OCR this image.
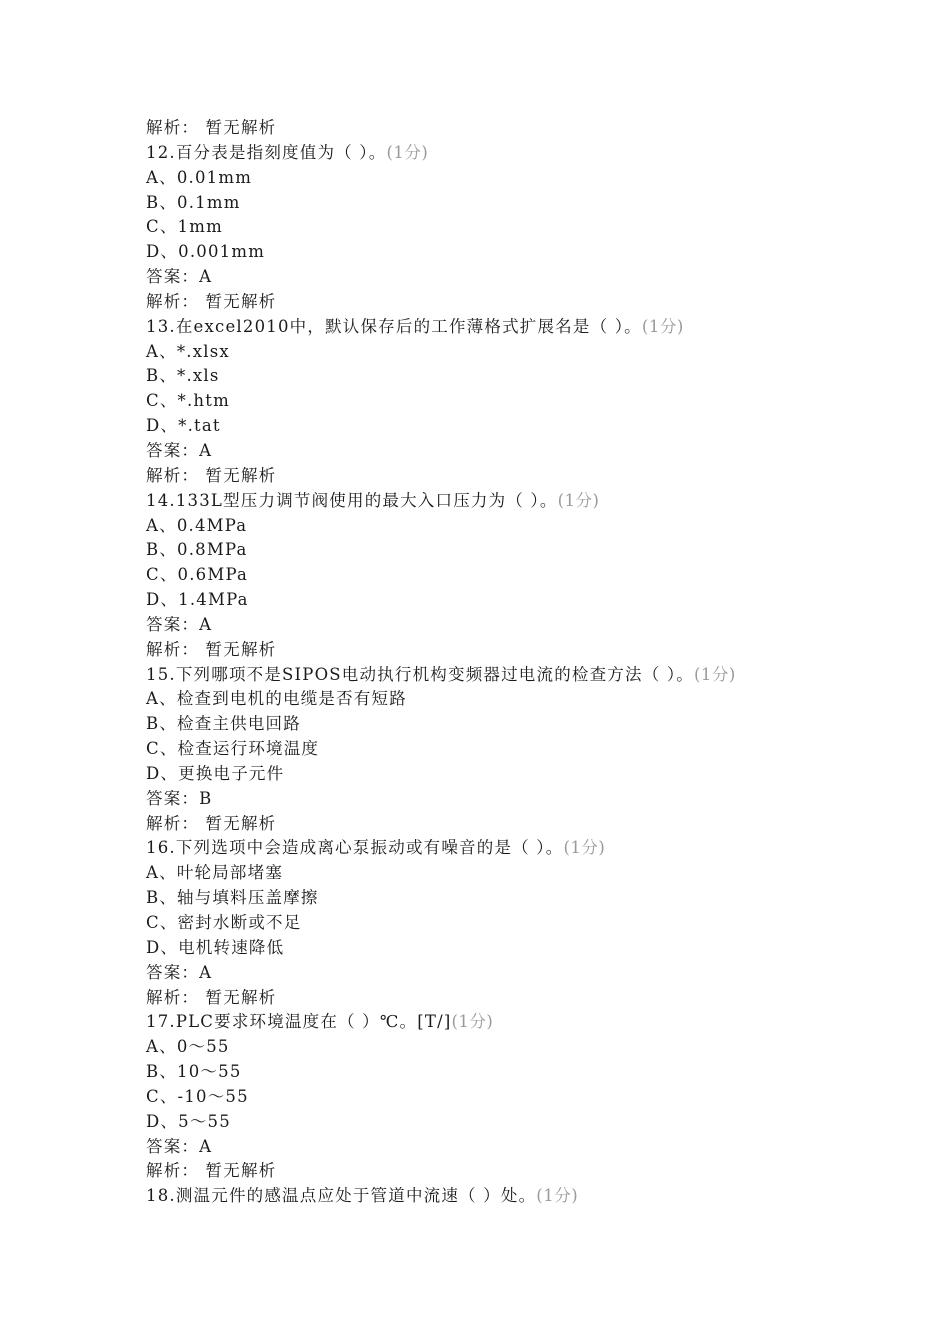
解析： 暂无解析
12.百分表是指刻度值为（ ）。(1分)
A、0.01mm
B、0.1mm
C、1mm
D、0.001mm
答案：A
解析： 暂无解析
13.在excel2010中，默认保存后的工作薄格式扩展名是（ ）。(1分)
A、*.xlsx
B、*.xls
C、*.htm
D、*.tat
答案：A
解析： 暂无解析
14.133L型压力调节阀使用的最大入口压力为（ ）。(1分)
A、0.4MPa
B、0.8MPa
C、0.6MPa
D、1.4MPa
答案：A
解析： 暂无解析
15.下列哪项不是SIPOS电动执行机构变频器过电流的检查方法（ ）。(1分)
A、检查到电机的电缆是否有短路
B、检查主供电回路
C、检查运行环境温度
D、更换电子元件
答案：B
解析： 暂无解析
16.下列选项中会造成离心泵振动或有噪音的是（ ）。(1分)
A、叶轮局部堵塞
B、轴与填料压盖摩擦
C、密封水断或不足
D、电机转速降低
答案：A
解析： 暂无解析
17.PLC要求环境温度在（ ）℃。[T/](1分)
A、0～55
B、10～55
C、-10～55
D、5～55
答案：A
解析： 暂无解析
18.测温元件的感温点应处于管道中流速（ ）处。(1分)
